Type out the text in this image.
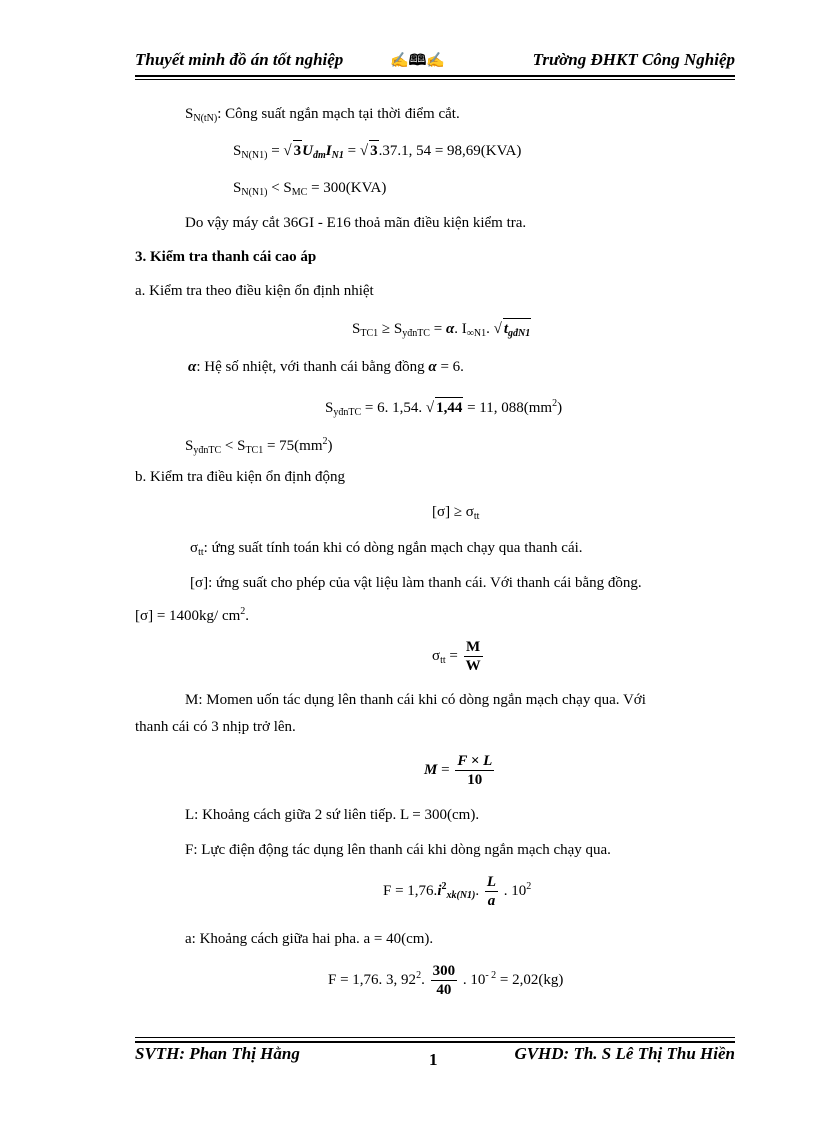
Thuyết minh đồ án tốt nghiệp	✍🕮✍	Trường ĐHKT Công Nghiệp
$S_{N(tN)}$: Công suất ngắn mạch tại thời điểm cắt.
$S_{N(N1)}$ = √ $3U_{đm}I_{N1}$ = √ 3.37.1, 54 = 98,69(KVA)
$S_{N(N1)} < S_{MC} = 300(KVA)$
Do vậy máy cắt 36GI - E16 thoả mãn điều kiện kiểm tra.
3. Kiểm tra thanh cái cao áp
a. Kiểm tra theo điều kiện ổn định nhiệt
$S_{TC1} \ge S_{yđnTC} = \alpha$. $I_{\infty N1}$. √ $t_{gđN1}$
α: Hệ số nhiệt, với thanh cái bằng đồng α = 6.
$S_{yđnTC} = 6$. 1,54. √ 1,44 = 11, $088(mm^2)$
$S_{yđnTC} < S_{TC1} = 75(mm^2)$
b. Kiểm tra điều kiện ổn định động
$[\sigma] \ge \sigma_{tt}$
$\sigma_{tt}$: ứng suất tính toán khi có dòng ngắn mạch chạy qua thanh cái.
[σ]: ứng suất cho phép của vật liệu làm thanh cái. Với thanh cái bằng đồng.
[σ] = 1400kg/ $cm^2$.
$\sigma_{tt} = \frac{M}{W}$
M: Momen uốn tác dụng lên thanh cái khi có dòng ngắn mạch chạy qua. Với
thanh cái có 3 nhịp trở lên.
$M = \frac{F \times L}{10}$
L: Khoảng cách giữa 2 sứ liên tiếp. L = 300(cm).
F: Lực điện động tác dụng lên thanh cái khi dòng ngắn mạch chạy qua.
$F = 1,76.i^2_{xk(N1)}$. $\frac{L}{a}$ . $10^2$
a: Khoảng cách giữa hai pha. a = 40(cm).
F = 1,76. 3, $92^2$. $\frac{300}{40}$ . $10^{- 2} = 2,02(kg)$
SVTH: Phan Thị Hằng	1	GVHD: Th. S Lê Thị Thu Hiền
